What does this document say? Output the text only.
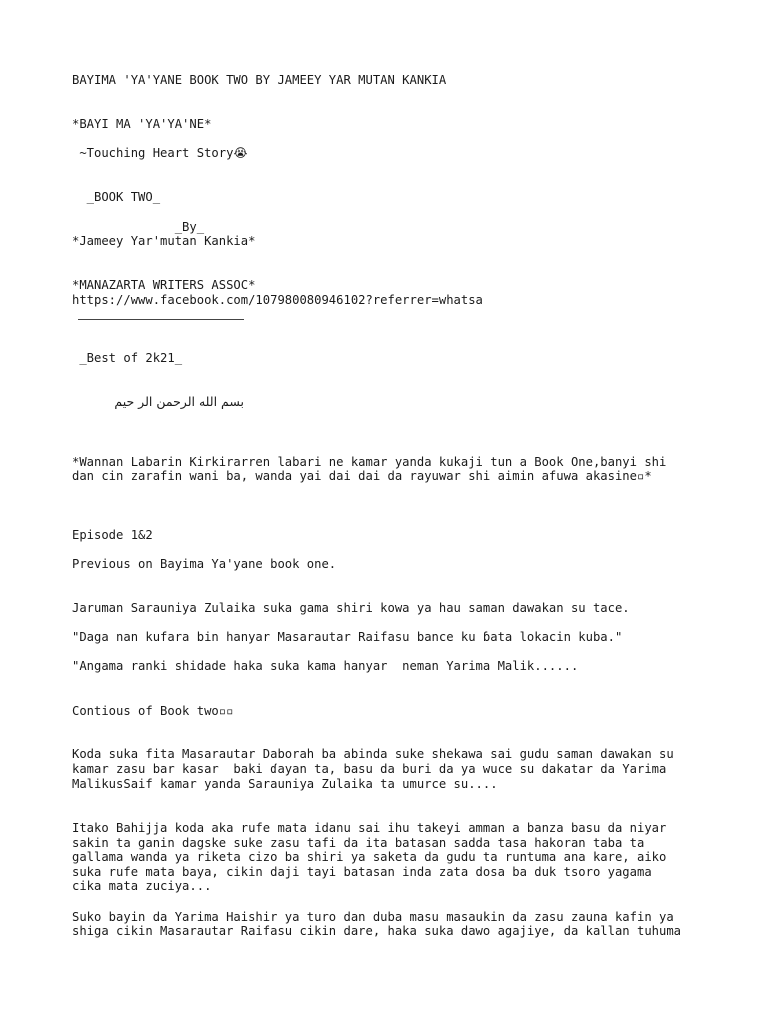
BAYIMA 'YA'YANE BOOK TWO BY JAMEEY YAR MUTAN KANKIA

*BAYI MA 'YA'YA'NE*

~Touching Heart Story😭

_BOOK TWO_

_By_

*Jameey Yar'mutan Kankia*

*MANAZARTA WRITERS ASSOC*

https://www.facebook.com/107980080946102?referrer=whatsa

_Best of 2k21_

بسم الله الرحمن الر حيم

*Wannan Labarin Kirkirarren labari ne kamar yanda kukaji tun a Book One,banyi shi

dan cin zarafin wani ba, wanda yai dai dai da rayuwar shi aimin afuwa akasine▫*

Episode 1&2

Previous on Bayima Ya'yane book one.

Jaruman Sarauniya Zulaika suka gama shiri kowa ya hau saman dawakan su tace.

"Daga nan kufara bin hanyar Masarautar Raifasu bance ku ɓata lokacin kuba."

"Angama ranki shidade haka suka kama hanyar  neman Yarima Malik......

Contious of Book two▫▫

Koda suka fita Masarautar Daborah ba abinda suke shekawa sai gudu saman dawakan su

kamar zasu bar kasar  baki ɗayan ta, basu da buri da ya wuce su dakatar da Yarima

MalikusSaif kamar yanda Sarauniya Zulaika ta umurce su....

Itako Bahijja koda aka rufe mata idanu sai ihu takeyi amman a banza basu da niyar

sakin ta ganin dagske suke zasu tafi da ita batasan sadda tasa hakoran taba ta

gallama wanda ya riketa cizo ba shiri ya saketa da gudu ta runtuma ana kare, aiko

suka rufe mata baya, cikin daji tayi batasan inda zata dosa ba duk tsoro yagama

cika mata zuciya...

Suko bayin da Yarima Haishir ya turo dan duba masu masaukin da zasu zauna kafin ya

shiga cikin Masarautar Raifasu cikin dare, haka suka dawo agajiye, da kallan tuhuma
